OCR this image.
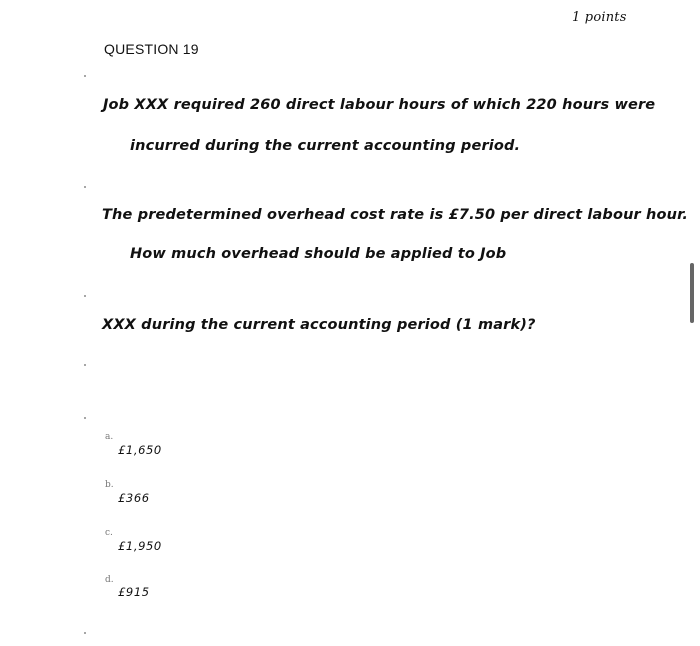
1 points
QUESTION 19
Job XXX required 260 direct labour hours of which 220 hours were
incurred during the current accounting period.
The predetermined overhead cost rate is £7.50 per direct labour hour.
How much overhead should be applied to Job
XXX during the current accounting period (1 mark)?
a.
£1,650
b.
£366
c.
£1,950
d.
£915
